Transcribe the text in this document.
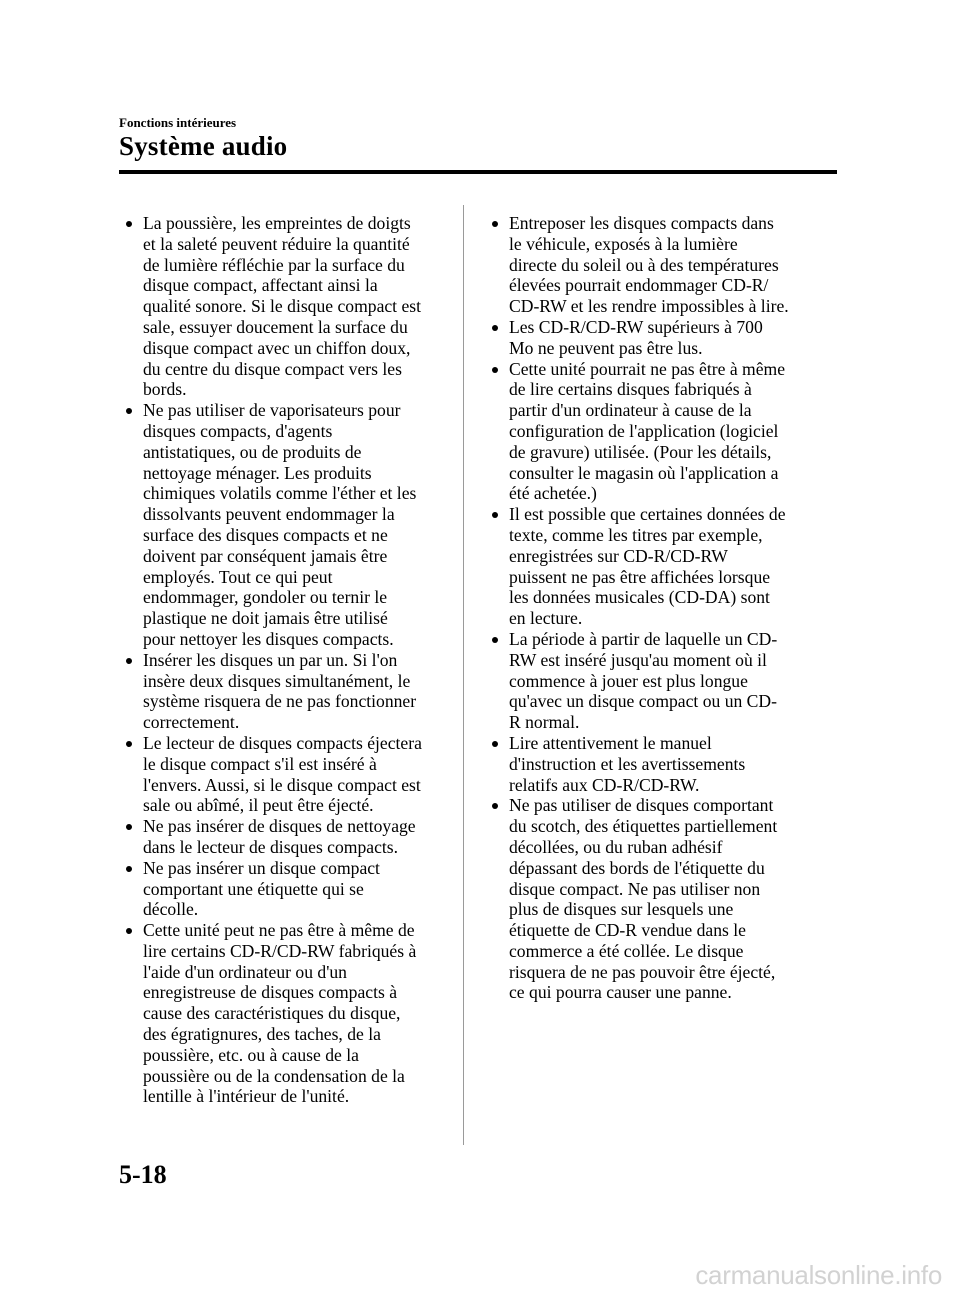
Fonctions intérieures
Système audio
La poussière, les empreintes de doigts
et la saleté peuvent réduire la quantité
de lumière réfléchie par la surface du
disque compact, affectant ainsi la
qualité sonore. Si le disque compact est
sale, essuyer doucement la surface du
disque compact avec un chiffon doux,
du centre du disque compact vers les
bords.
Ne pas utiliser de vaporisateurs pour
disques compacts, d'agents
antistatiques, ou de produits de
nettoyage ménager. Les produits
chimiques volatils comme l'éther et les
dissolvants peuvent endommager la
surface des disques compacts et ne
doivent par conséquent jamais être
employés. Tout ce qui peut
endommager, gondoler ou ternir le
plastique ne doit jamais être utilisé
pour nettoyer les disques compacts.
Insérer les disques un par un. Si l'on
insère deux disques simultanément, le
système risquera de ne pas fonctionner
correctement.
Le lecteur de disques compacts éjectera
le disque compact s'il est inséré à
l'envers. Aussi, si le disque compact est
sale ou abîmé, il peut être éjecté.
Ne pas insérer de disques de nettoyage
dans le lecteur de disques compacts.
Ne pas insérer un disque compact
comportant une étiquette qui se
décolle.
Cette unité peut ne pas être à même de
lire certains CD-R/CD-RW fabriqués à
l'aide d'un ordinateur ou d'un
enregistreuse de disques compacts à
cause des caractéristiques du disque,
des égratignures, des taches, de la
poussière, etc. ou à cause de la
poussière ou de la condensation de la
lentille à l'intérieur de l'unité.
Entreposer les disques compacts dans
le véhicule, exposés à la lumière
directe du soleil ou à des températures
élevées pourrait endommager CD-R/
CD-RW et les rendre impossibles à lire.
Les CD-R/CD-RW supérieurs à 700
Mo ne peuvent pas être lus.
Cette unité pourrait ne pas être à même
de lire certains disques fabriqués à
partir d'un ordinateur à cause de la
configuration de l'application (logiciel
de gravure) utilisée. (Pour les détails,
consulter le magasin où l'application a
été achetée.)
Il est possible que certaines données de
texte, comme les titres par exemple,
enregistrées sur CD-R/CD-RW
puissent ne pas être affichées lorsque
les données musicales (CD-DA) sont
en lecture.
La période à partir de laquelle un CD-
RW est inséré jusqu'au moment où il
commence à jouer est plus longue
qu'avec un disque compact ou un CD-
R normal.
Lire attentivement le manuel
d'instruction et les avertissements
relatifs aux CD-R/CD-RW.
Ne pas utiliser de disques comportant
du scotch, des étiquettes partiellement
décollées, ou du ruban adhésif
dépassant des bords de l'étiquette du
disque compact. Ne pas utiliser non
plus de disques sur lesquels une
étiquette de CD-R vendue dans le
commerce a été collée. Le disque
risquera de ne pas pouvoir être éjecté,
ce qui pourra causer une panne.
5-18
carmanualsonline.info
